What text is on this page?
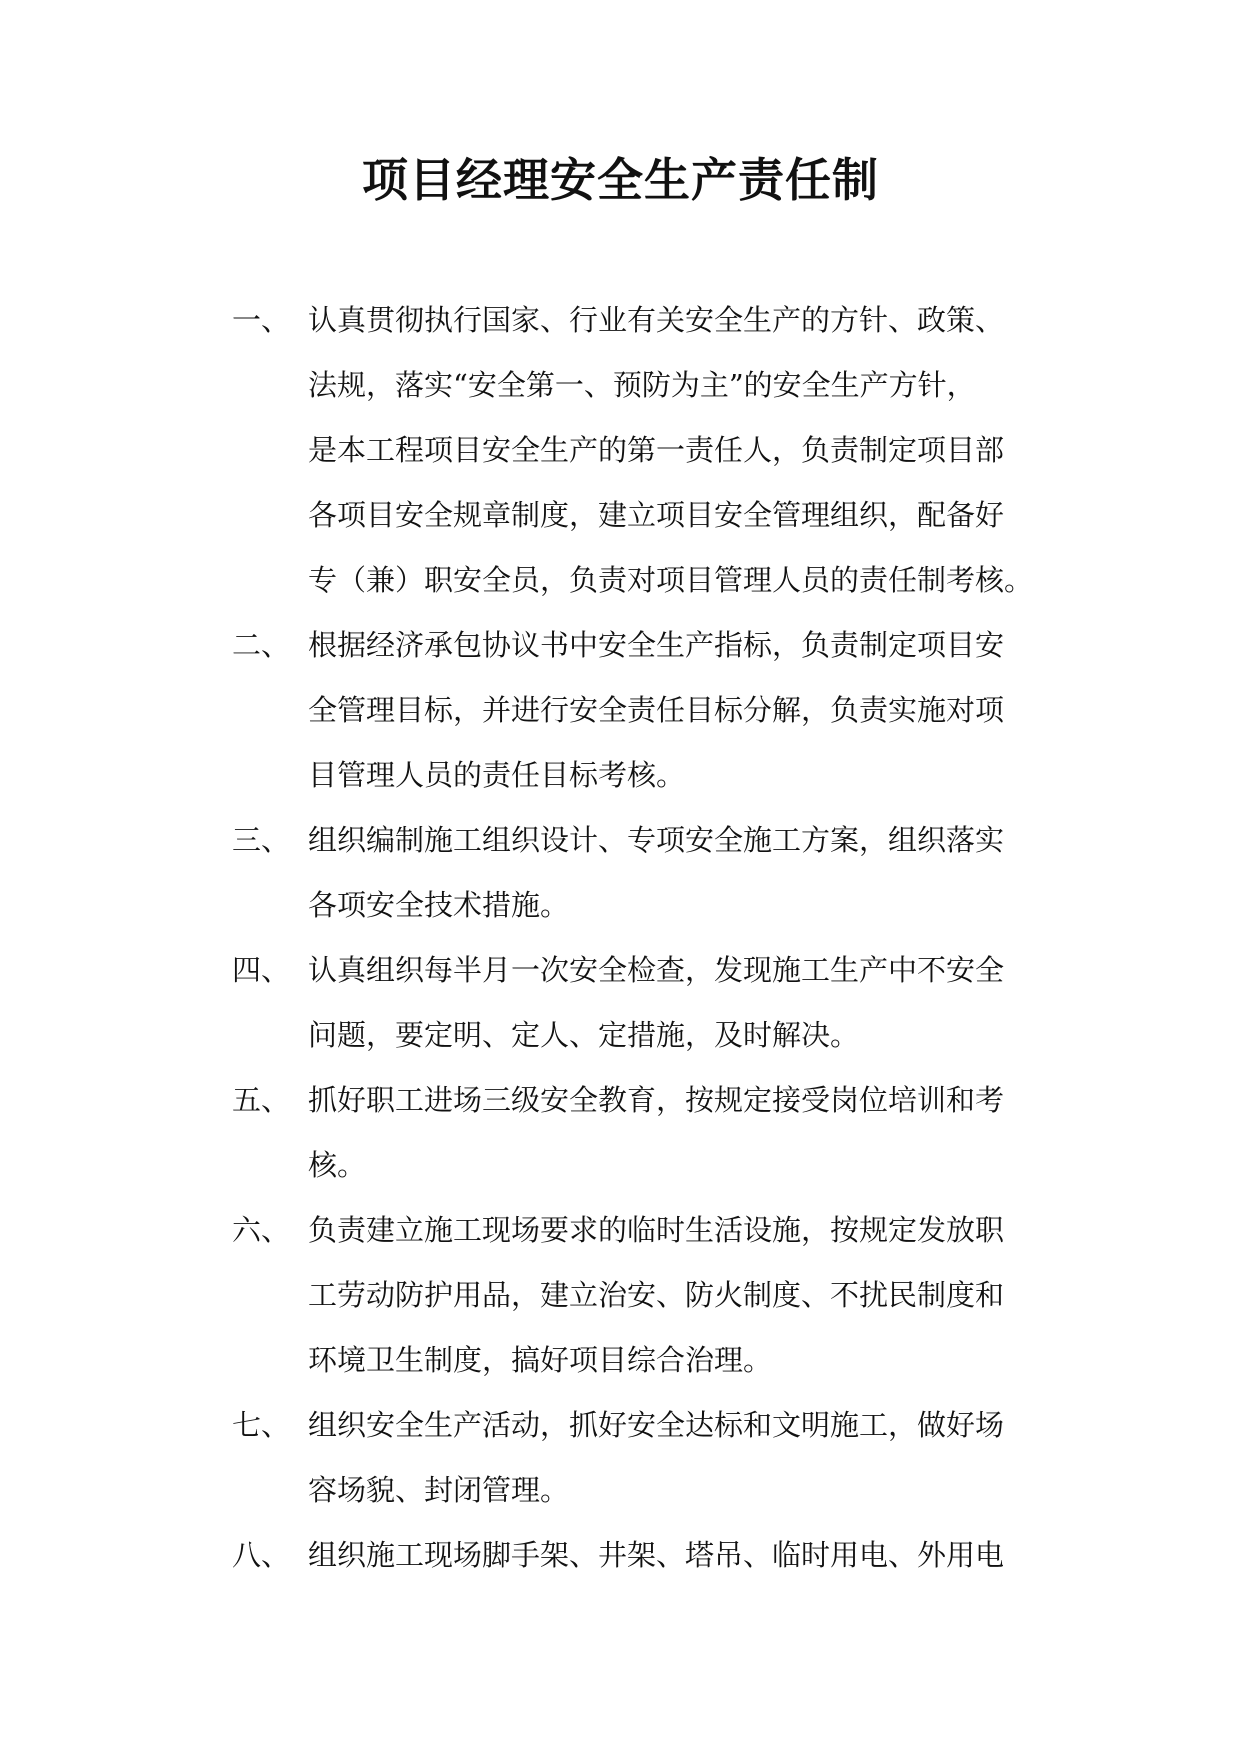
项目经理安全生产责任制
一、 认真贯彻执行国家、行业有关安全生产的方针、政策、
法规，落实“安全第一、预防为主”的安全生产方针，
是本工程项目安全生产的第一责任人，负责制定项目部
各项目安全规章制度，建立项目安全管理组织，配备好
专（兼）职安全员，负责对项目管理人员的责任制考核。
二、 根据经济承包协议书中安全生产指标，负责制定项目安
全管理目标，并进行安全责任目标分解，负责实施对项
目管理人员的责任目标考核。
三、 组织编制施工组织设计、专项安全施工方案，组织落实
各项安全技术措施。
四、 认真组织每半月一次安全检查，发现施工生产中不安全
问题，要定明、定人、定措施，及时解决。
五、 抓好职工进场三级安全教育，按规定接受岗位培训和考
核。
六、 负责建立施工现场要求的临时生活设施，按规定发放职
工劳动防护用品，建立治安、防火制度、不扰民制度和
环境卫生制度，搞好项目综合治理。
七、 组织安全生产活动，抓好安全达标和文明施工，做好场
容场貌、封闭管理。
八、 组织施工现场脚手架、井架、塔吊、临时用电、外用电
